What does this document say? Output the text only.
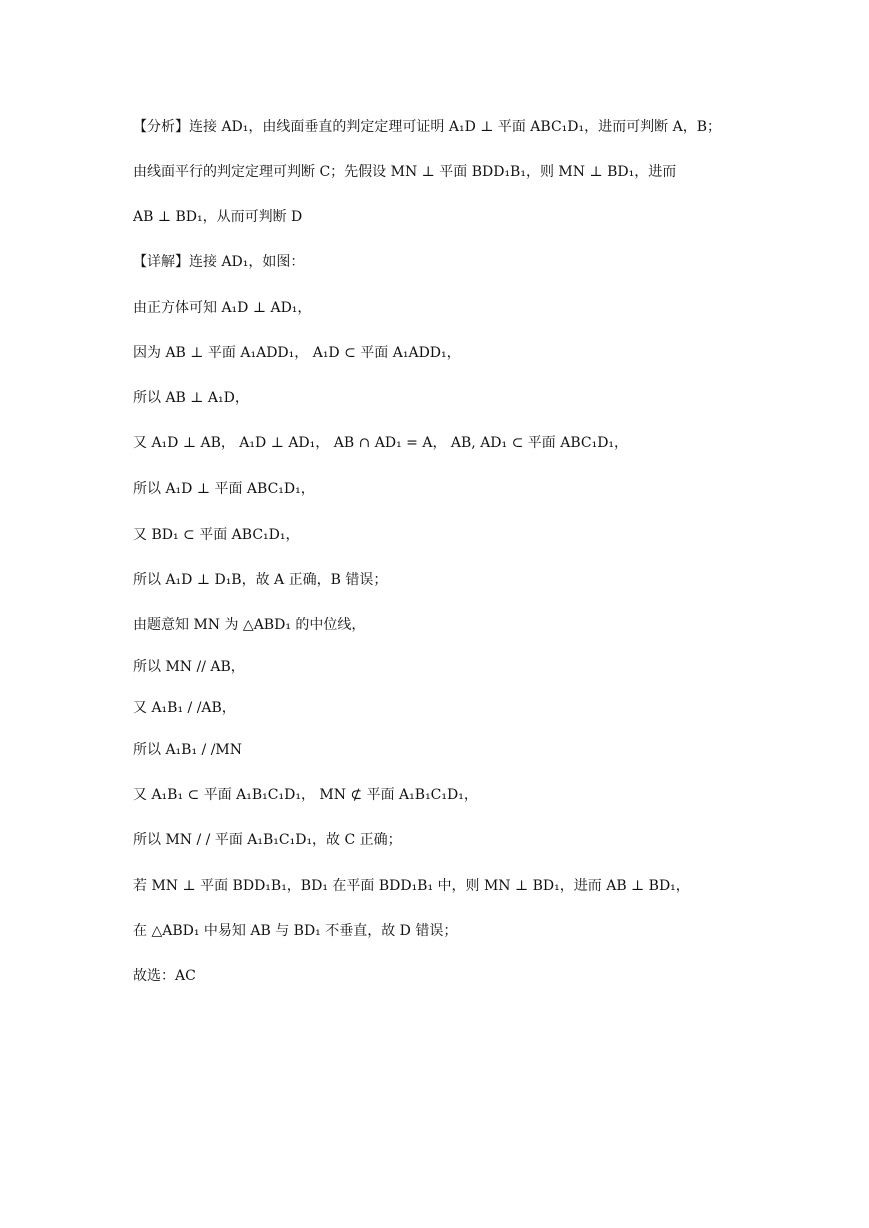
【分析】连接 AD₁，由线面垂直的判定定理可证明 A₁D ⊥ 平面 ABC₁D₁，进而可判断 A，B；
由线面平行的判定定理可判断 C；先假设 MN ⊥ 平面 BDD₁B₁，则 MN ⊥ BD₁，进而
AB ⊥ BD₁，从而可判断 D
【详解】连接 AD₁，如图：
由正方体可知 A₁D ⊥ AD₁，
因为 AB ⊥ 平面 A₁ADD₁， A₁D ⊂ 平面 A₁ADD₁，
所以 AB ⊥ A₁D，
又 A₁D ⊥ AB， A₁D ⊥ AD₁， AB ∩ AD₁ = A， AB, AD₁ ⊂ 平面 ABC₁D₁，
所以 A₁D ⊥ 平面 ABC₁D₁，
又 BD₁ ⊂ 平面 ABC₁D₁，
所以 A₁D ⊥ D₁B，故 A 正确，B 错误；
由题意知 MN 为 △ABD₁ 的中位线，
所以 MN // AB，
又 A₁B₁ / /AB，
所以 A₁B₁ / /MN
又 A₁B₁ ⊂ 平面 A₁B₁C₁D₁， MN ⊄ 平面 A₁B₁C₁D₁，
所以 MN / / 平面 A₁B₁C₁D₁，故 C 正确；
若 MN ⊥ 平面 BDD₁B₁，BD₁ 在平面 BDD₁B₁ 中，则 MN ⊥ BD₁，进而 AB ⊥ BD₁，
在 △ABD₁ 中易知 AB 与 BD₁ 不垂直，故 D 错误；
故选：AC
